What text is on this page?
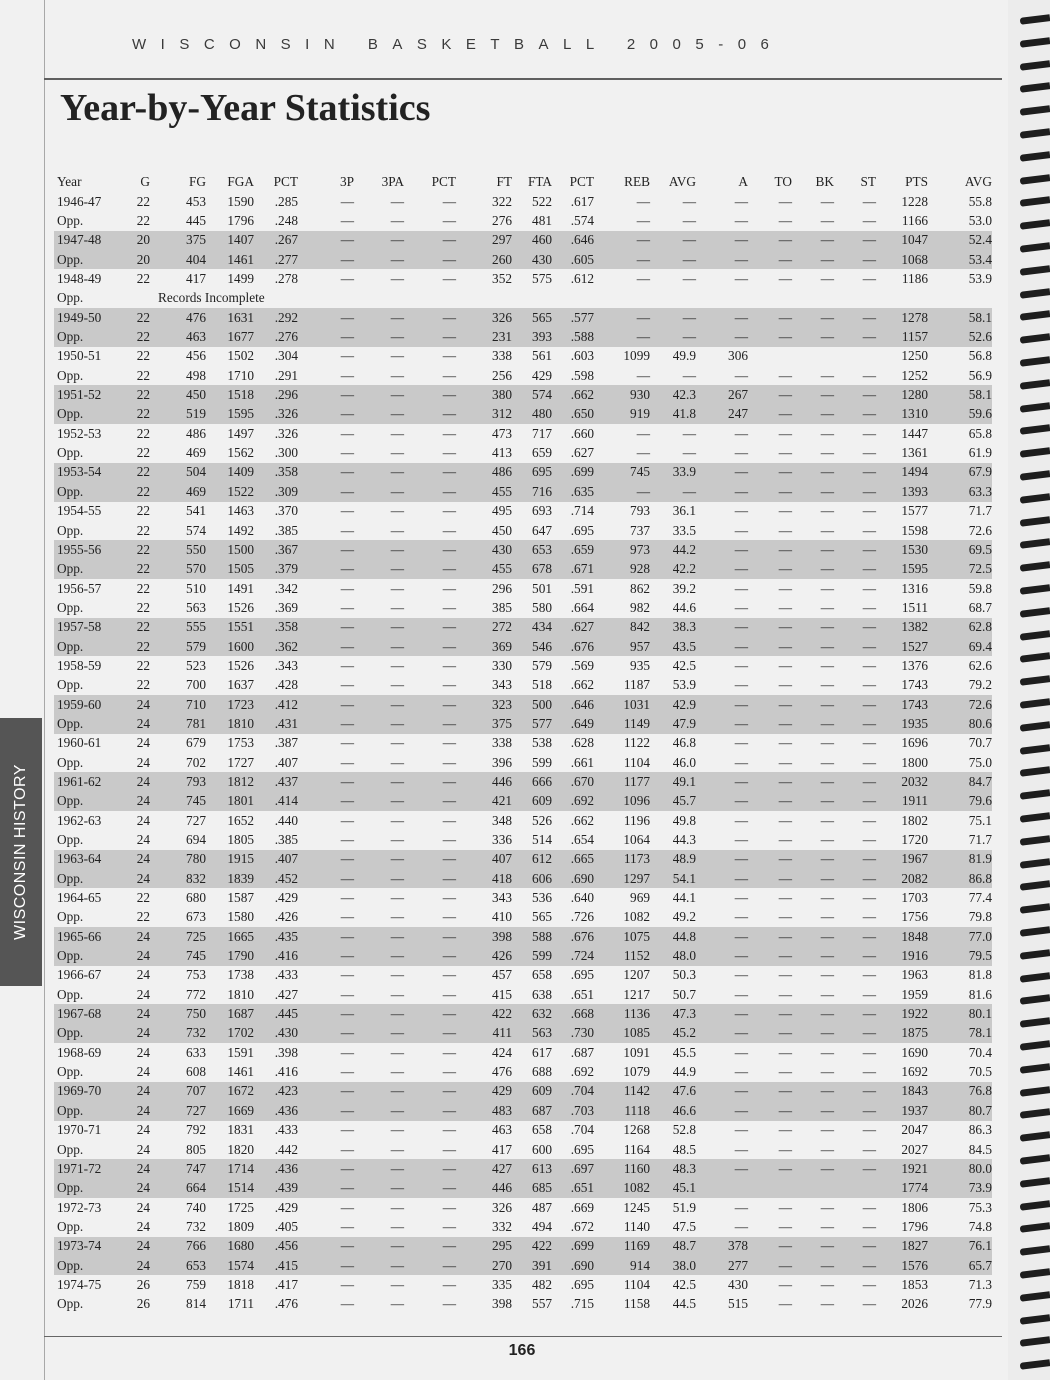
WISCONSIN BASKETBALL 2005-06
Year-by-Year Statistics
WISCONSIN HISTORY
Year	G	FG	FGA	PCT	3P	3PA	PCT	FT	FTA	PCT	REB	AVG	A	TO	BK	ST	PTS	AVG
1946-47	22	453	1590	.285	—	—	—	322	522	.617	—	—	—	—	—	—	1228	55.8
Opp.	22	445	1796	.248	—	—	—	276	481	.574	—	—	—	—	—	—	1166	53.0
1947-48	20	375	1407	.267	—	—	—	297	460	.646	—	—	—	—	—	—	1047	52.4
Opp.	20	404	1461	.277	—	—	—	260	430	.605	—	—	—	—	—	—	1068	53.4
1948-49	22	417	1499	.278	—	—	—	352	575	.612	—	—	—	—	—	—	1186	53.9
Opp.	Records Incomplete																	
1949-50	22	476	1631	.292	—	—	—	326	565	.577	—	—	—	—	—	—	1278	58.1
Opp.	22	463	1677	.276	—	—	—	231	393	.588	—	—	—	—	—	—	1157	52.6
1950-51	22	456	1502	.304	—	—	—	338	561	.603	1099	49.9	306				1250	56.8
Opp.	22	498	1710	.291	—	—	—	256	429	.598	—	—	—	—	—	—	1252	56.9
1951-52	22	450	1518	.296	—	—	—	380	574	.662	930	42.3	267	—	—	—	1280	58.1
Opp.	22	519	1595	.326	—	—	—	312	480	.650	919	41.8	247	—	—	—	1310	59.6
1952-53	22	486	1497	.326	—	—	—	473	717	.660	—	—	—	—	—	—	1447	65.8
Opp.	22	469	1562	.300	—	—	—	413	659	.627	—	—	—	—	—	—	1361	61.9
1953-54	22	504	1409	.358	—	—	—	486	695	.699	745	33.9	—	—	—	—	1494	67.9
Opp.	22	469	1522	.309	—	—	—	455	716	.635	—	—	—	—	—	—	1393	63.3
1954-55	22	541	1463	.370	—	—	—	495	693	.714	793	36.1	—	—	—	—	1577	71.7
Opp.	22	574	1492	.385	—	—	—	450	647	.695	737	33.5	—	—	—	—	1598	72.6
1955-56	22	550	1500	.367	—	—	—	430	653	.659	973	44.2	—	—	—	—	1530	69.5
Opp.	22	570	1505	.379	—	—	—	455	678	.671	928	42.2	—	—	—	—	1595	72.5
1956-57	22	510	1491	.342	—	—	—	296	501	.591	862	39.2	—	—	—	—	1316	59.8
Opp.	22	563	1526	.369	—	—	—	385	580	.664	982	44.6	—	—	—	—	1511	68.7
1957-58	22	555	1551	.358	—	—	—	272	434	.627	842	38.3	—	—	—	—	1382	62.8
Opp.	22	579	1600	.362	—	—	—	369	546	.676	957	43.5	—	—	—	—	1527	69.4
1958-59	22	523	1526	.343	—	—	—	330	579	.569	935	42.5	—	—	—	—	1376	62.6
Opp.	22	700	1637	.428	—	—	—	343	518	.662	1187	53.9	—	—	—	—	1743	79.2
1959-60	24	710	1723	.412	—	—	—	323	500	.646	1031	42.9	—	—	—	—	1743	72.6
Opp.	24	781	1810	.431	—	—	—	375	577	.649	1149	47.9	—	—	—	—	1935	80.6
1960-61	24	679	1753	.387	—	—	—	338	538	.628	1122	46.8	—	—	—	—	1696	70.7
Opp.	24	702	1727	.407	—	—	—	396	599	.661	1104	46.0	—	—	—	—	1800	75.0
1961-62	24	793	1812	.437	—	—	—	446	666	.670	1177	49.1	—	—	—	—	2032	84.7
Opp.	24	745	1801	.414	—	—	—	421	609	.692	1096	45.7	—	—	—	—	1911	79.6
1962-63	24	727	1652	.440	—	—	—	348	526	.662	1196	49.8	—	—	—	—	1802	75.1
Opp.	24	694	1805	.385	—	—	—	336	514	.654	1064	44.3	—	—	—	—	1720	71.7
1963-64	24	780	1915	.407	—	—	—	407	612	.665	1173	48.9	—	—	—	—	1967	81.9
Opp.	24	832	1839	.452	—	—	—	418	606	.690	1297	54.1	—	—	—	—	2082	86.8
1964-65	22	680	1587	.429	—	—	—	343	536	.640	969	44.1	—	—	—	—	1703	77.4
Opp.	22	673	1580	.426	—	—	—	410	565	.726	1082	49.2	—	—	—	—	1756	79.8
1965-66	24	725	1665	.435	—	—	—	398	588	.676	1075	44.8	—	—	—	—	1848	77.0
Opp.	24	745	1790	.416	—	—	—	426	599	.724	1152	48.0	—	—	—	—	1916	79.5
1966-67	24	753	1738	.433	—	—	—	457	658	.695	1207	50.3	—	—	—	—	1963	81.8
Opp.	24	772	1810	.427	—	—	—	415	638	.651	1217	50.7	—	—	—	—	1959	81.6
1967-68	24	750	1687	.445	—	—	—	422	632	.668	1136	47.3	—	—	—	—	1922	80.1
Opp.	24	732	1702	.430	—	—	—	411	563	.730	1085	45.2	—	—	—	—	1875	78.1
1968-69	24	633	1591	.398	—	—	—	424	617	.687	1091	45.5	—	—	—	—	1690	70.4
Opp.	24	608	1461	.416	—	—	—	476	688	.692	1079	44.9	—	—	—	—	1692	70.5
1969-70	24	707	1672	.423	—	—	—	429	609	.704	1142	47.6	—	—	—	—	1843	76.8
Opp.	24	727	1669	.436	—	—	—	483	687	.703	1118	46.6	—	—	—	—	1937	80.7
1970-71	24	792	1831	.433	—	—	—	463	658	.704	1268	52.8	—	—	—	—	2047	86.3
Opp.	24	805	1820	.442	—	—	—	417	600	.695	1164	48.5	—	—	—	—	2027	84.5
1971-72	24	747	1714	.436	—	—	—	427	613	.697	1160	48.3	—	—	—	—	1921	80.0
Opp.	24	664	1514	.439	—	—	—	446	685	.651	1082	45.1					1774	73.9
1972-73	24	740	1725	.429	—	—	—	326	487	.669	1245	51.9	—	—	—	—	1806	75.3
Opp.	24	732	1809	.405	—	—	—	332	494	.672	1140	47.5	—	—	—	—	1796	74.8
1973-74	24	766	1680	.456	—	—	—	295	422	.699	1169	48.7	378	—	—	—	1827	76.1
Opp.	24	653	1574	.415	—	—	—	270	391	.690	914	38.0	277	—	—	—	1576	65.7
1974-75	26	759	1818	.417	—	—	—	335	482	.695	1104	42.5	430	—	—	—	1853	71.3
Opp.	26	814	1711	.476	—	—	—	398	557	.715	1158	44.5	515	—	—	—	2026	77.9
166
